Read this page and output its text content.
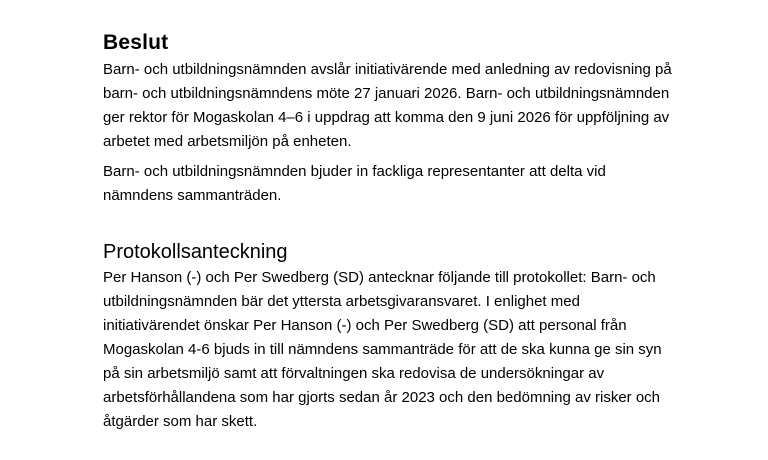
Beslut

Barn- och utbildningsnämnden avslår initiativärende med anledning av redovisning på barn- och utbildningsnämndens möte 27 januari 2026. Barn- och utbildningsnämnden ger rektor för Mogaskolan 4–6 i uppdrag att komma den 9 juni 2026 för uppföljning av arbetet med arbetsmiljön på enheten.

Barn- och utbildningsnämnden bjuder in fackliga representanter att delta vid nämndens sammanträden.

Protokollsanteckning

Per Hanson (-) och Per Swedberg (SD) antecknar följande till protokollet: Barn- och utbildningsnämnden bär det yttersta arbetsgivaransvaret. I enlighet med initiativärendet önskar Per Hanson (-) och Per Swedberg (SD) att personal från Mogaskolan 4-6 bjuds in till nämndens sammanträde för att de ska kunna ge sin syn på sin arbetsmiljö samt att förvaltningen ska redovisa de undersökningar av arbetsförhållandena som har gjorts sedan år 2023 och den bedömning av risker och åtgärder som har skett.
